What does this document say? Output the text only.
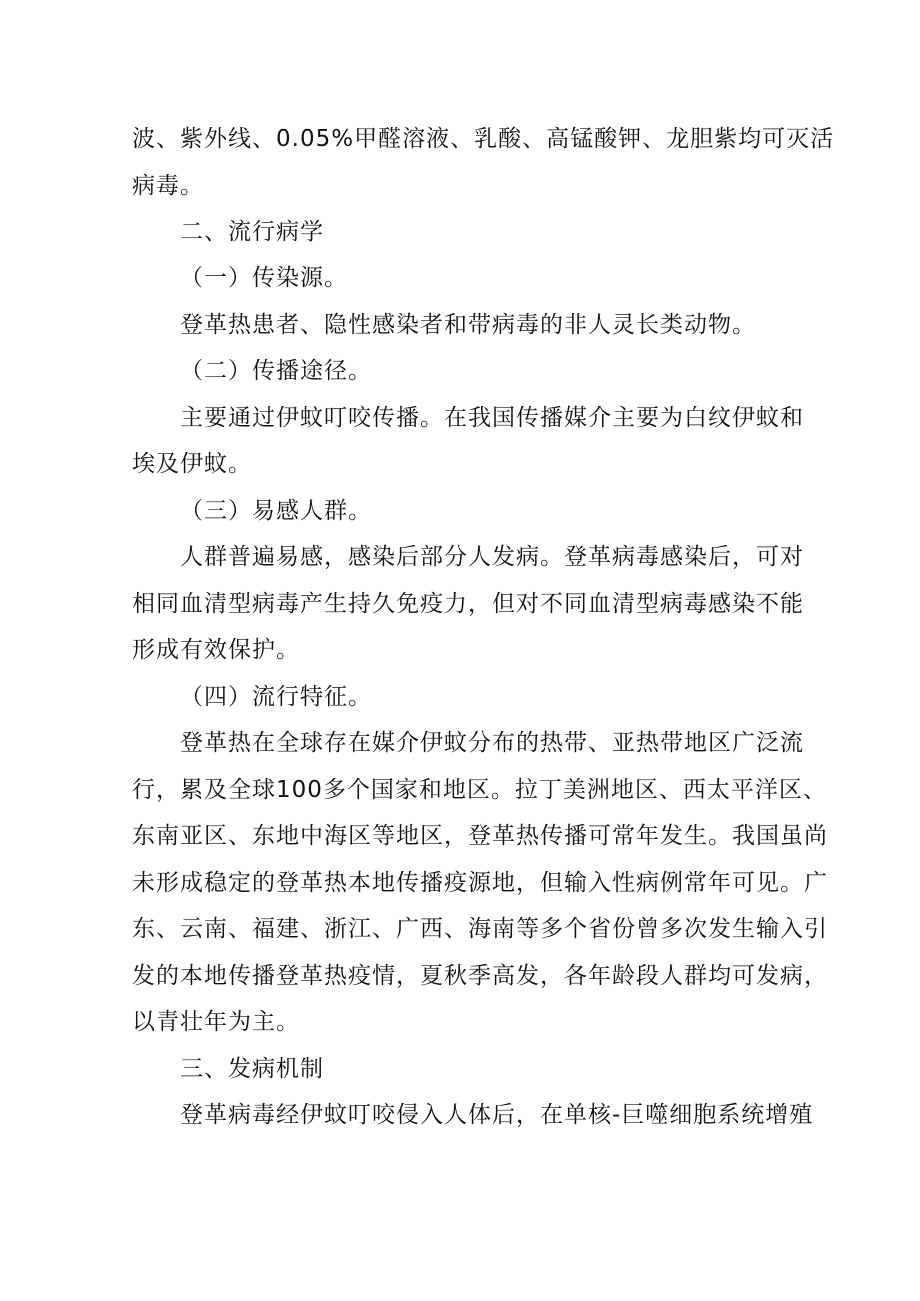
波、紫外线、0.05%甲醛溶液、乳酸、高锰酸钾、龙胆紫均可灭活
病毒。
二、流行病学
（一）传染源。
登革热患者、隐性感染者和带病毒的非人灵长类动物。
（二）传播途径。
主要通过伊蚊叮咬传播。在我国传播媒介主要为白纹伊蚊和
埃及伊蚊。
（三）易感人群。
人群普遍易感，感染后部分人发病。登革病毒感染后，可对
相同血清型病毒产生持久免疫力，但对不同血清型病毒感染不能
形成有效保护。
（四）流行特征。
登革热在全球存在媒介伊蚊分布的热带、亚热带地区广泛流
行，累及全球100多个国家和地区。拉丁美洲地区、西太平洋区、
东南亚区、东地中海区等地区，登革热传播可常年发生。我国虽尚
未形成稳定的登革热本地传播疫源地，但输入性病例常年可见。广
东、云南、福建、浙江、广西、海南等多个省份曾多次发生输入引
发的本地传播登革热疫情，夏秋季高发，各年龄段人群均可发病，
以青壮年为主。
三、发病机制
登革病毒经伊蚊叮咬侵入人体后，在单核-巨噬细胞系统增殖
